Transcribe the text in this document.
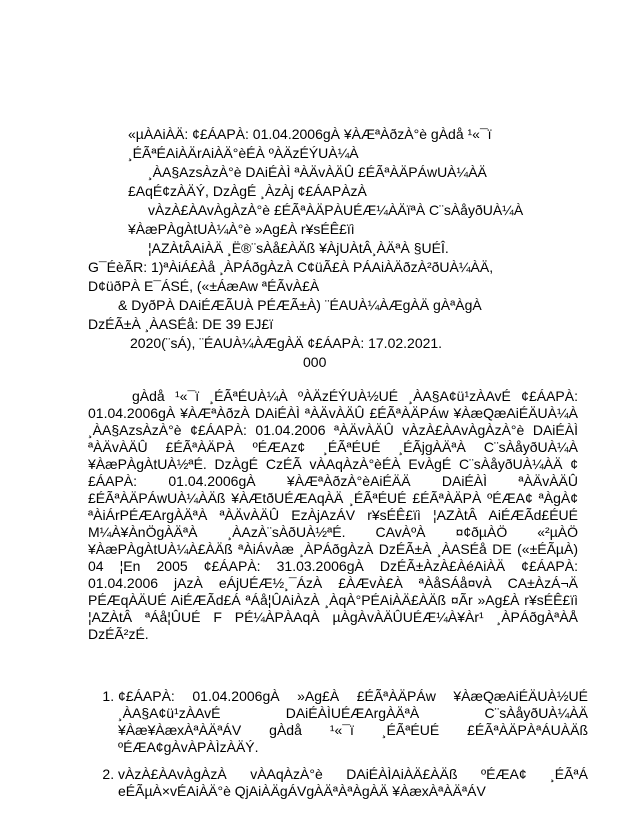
«µÀAiÀÄ: ¢£ÁAPÀ: 01.04.2006gÀ ¥ÀÆªÀðzÀ°è gÀdå ¹«¯ï
¸ÉÃªÉAiÀÄrAiÀÄ°èÉÀ ºÀÄzÉÝUÀ¼À
¸ÀA§AzsÀzÀ°è DAiÉÀÌ ªÀÄvÀÄÛ £ÉÃªÀÄPÁwUÀ¼ÀÄ
£AqÉ¢zÀÄÝ, DzÀgÉ ¸ÀzÀj ¢£ÁAPÀzÀ
vÀzÀ£ÀAvÀgÀzÀ°è £ÉÃªÀÄPÀUÉÆ¼ÀÄïªÀ C¨sÀåyðUÀ¼À
¥ÀæPÀgÀtUÀ¼À°è »Ag£À r¥sÉÊ£ïì
¦AZÀtÂAiÀÄ ¸Ë®¨sÀå£ÀÄß ¥ÀjUÀtÂ¸ÀÄªÀ §UÉÎ.
G¯ÉèÃR: 1)ªÀiÁ£Àå ¸ÀPÁðgÀzÀ C¢üÃ£À PÁAiÀÄðzÀ²ðUÀ¼ÀÄ,
D¢üðPÀ E¯ÁSÉ, («±ÁæAw ªÉÃvÀ£À
& DyðPÀ DAiÉÆÃUÀ PÉÆÃ±À) ¨ÉAUÀ¼ÀÆgÀÄ gÀªÀgÀ
DzÉÃ±À ¸ÀASÉå: DE 39 EJ£ï
2020(¨sÁ), ¨ÉAUÀ¼ÀÆgÀÄ ¢£ÁAPÀ: 17.02.2021.
000

gÀdå ¹«¯ï ¸ÉÃªÉUÀ¼À ºÀÄzÉÝUÀ½UÉ ¸ÀA§A¢ü¹zÀAvÉ ¢£ÁAPÀ: 01.04.2006gÀ ¥ÀÆªÀðzÀ DAiÉÀÌ ªÀÄvÀÄÛ £ÉÃªÀÄPÁw ¥ÀæQæAiÉÄUÀ¼À ¸ÀA§AzsÀzÀ°è ¢£ÁAPÀ: 01.04.2006 ªÀÄvÀÄÛ vÀzÀ£ÀAvÀgÀzÀ°è DAiÉÀÌ ªÀÄvÀÄÛ £ÉÃªÀÄPÀ ºÉÆAz¢ ¸ÉÃªÉUÉ ¸ÉÃjgÀÄªÀ C¨sÀåyðUÀ¼À ¥ÀæPÀgÀtUÀ½ªÉ. DzÀgÉ CzÉÃ vÀAqÀzÀ°èÉÀ EvÀgÉ C¨sÀåyðUÀ¼ÀÄ ¢£ÁAPÀ: 01.04.2006gÀ ¥ÀÆªÀðzÀ°èAiÉÄÄ DAiÉÀÌ ªÀÄvÀÄÛ £ÉÃªÀÄPÁwUÀ¼ÀÄß ¥ÀÆtðUÉÆAqÀÄ ¸ÉÃªÉUÉ £ÉÃªÀÄPÀ ºÉÆA¢ ªÀgÀ¢ ªÀiÁrPÉÆArgÀÄªÀ ªÀÄvÀÄÛ EzÀjAzÁV r¥sÉÊ£ïì ¦AZÀtÂ AiÉÆÃd£ÉUÉ M¼À¥ÀnÖgÀÄªÀ ¸ÀAzÀ¨sÀðUÀ½ªÉ. CAvÀºÀ ¤¢ðµÀÖ «²µÀÖ ¥ÀæPÀgÀtUÀ¼À£ÀÄß ªÀiÁvÀæ ¸ÀPÁðgÀzÀ DzÉÃ±À ¸ÀASÉå DE («±ÉÃµÀ) 04 ¦En 2005 ¢£ÁAPÀ: 31.03.2006gÀ DzÉÃ±ÀzÀ£ÀéAiÀÄ ¢£ÁAPÀ: 01.04.2006 jAzÀ eÁjUÉÆ½¸¯ÁzÀ £ÀÆvÀ£À ªÀåSÁå¤vÀ CA±ÀzÁ¬Ä PÉÆqÀÄUÉ AiÉÆÃd£Á ªÁå¦ÛAiÀzÀ ¸ÀqÀ°PÉAiÀÄ£ÀÄß ¤Ãr »Ag£À r¥sÉÊ£ïì ¦AZÀtÂ ªÁå¦ÛUÉ F PÉ¼ÀPÀAqÀ µÀgÀvÀÄÛUÉÆ¼À¥Àr¹ ¸ÀPÁðgÀªÀÅ DzÉÃ²zÉ.

1. ¢£ÁAPÀ: 01.04.2006gÀ »Ag£À £ÉÃªÀÄPÁw ¥ÀæQæAiÉÄUÀ½UÉ ¸ÀA§A¢ü¹zÀAvÉ DAiÉÀÌUÉÆArgÀÄªÀ C¨sÀåyðUÀ¼ÀÄ ¥Àæ¥ÀæxÀªÀÄªÁV gÀdå ¹«¯ï ¸ÉÃªÉUÉ £ÉÃªÀÄPÀªÁUÀÄß ºÉÆA¢gÀvÀPÀÌzÀÄÝ.
2. vÀzÀ£ÀAvÀgÀzÀ vÀAqÀzÀ°è DAiÉÀÌAiÀÄ£ÀÄß ºÉÆA¢ ¸ÉÃªÁ eÉÃµÀ×vÉAiÀÄ°è QjAiÀÄgÁVgÀÄªÀªÀgÀÄ ¥ÀæxÀªÀÄªÁV
